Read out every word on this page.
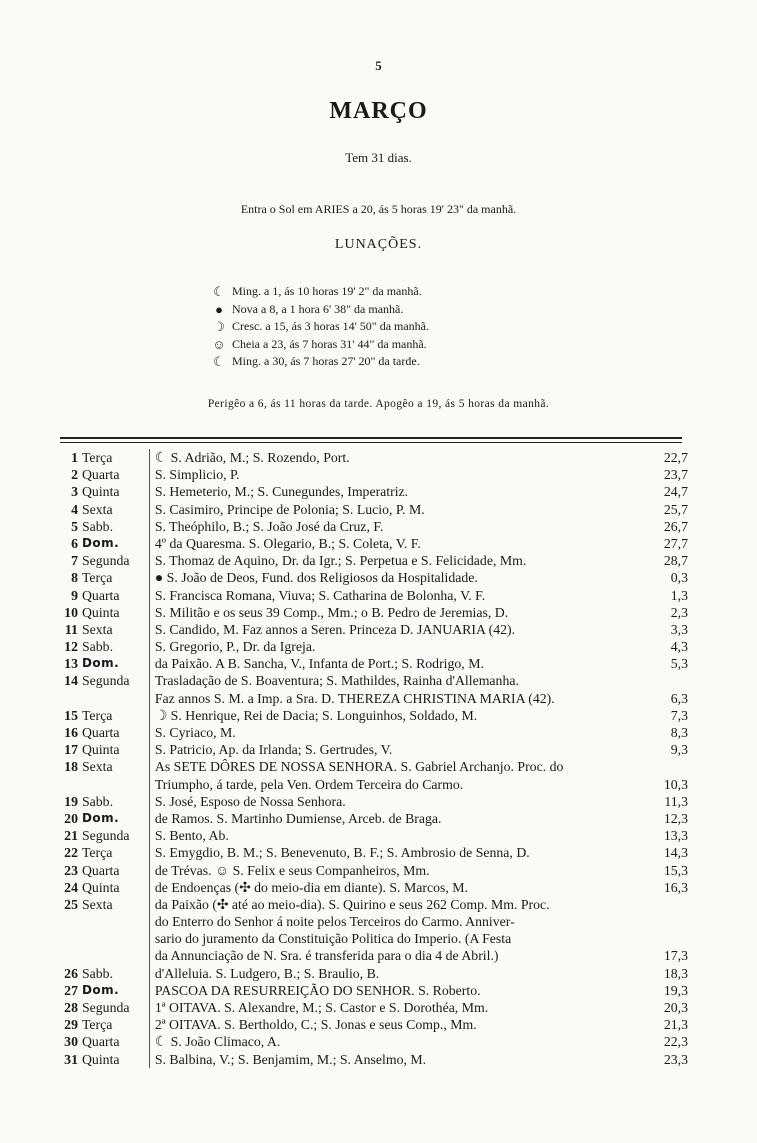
5
MARÇO
Tem 31 dias.
Entra o Sol em ARIES a 20, ás 5 horas 19' 23" da manhã.
LUNAÇÕES.
☾ Ming. a 1, ás 10 horas 19' 2" da manhã.
● Nova a 8, a 1 hora 6' 38" da manhã.
☽ Cresc. a 15, ás 3 horas 14' 50" da manhã.
☺ Cheia a 23, ás 7 horas 31' 44" da manhã.
☾ Ming. a 30, ás 7 horas 27' 20" da tarde.
Perigêo a 6, ás 11 horas da tarde. Apogêo a 19, ás 5 horas da manhã.
1 Terça	☾ S. Adrião, M.; S. Rozendo, Port.	22,7
2 Quarta	S. Simplicio, P.	23,7
3 Quinta	S. Hemeterio, M.; S. Cunegundes, Imperatriz.	24,7
4 Sexta	S. Casimiro, Principe de Polonia; S. Lucio, P. M.	25,7
5 Sabb.	S. Theóphilo, B.; S. João José da Cruz, F.	26,7
6 Dom.	4º da Quaresma. S. Olegario, B.; S. Coleta, V. F.	27,7
7 Segunda	S. Thomaz de Aquino, Dr. da Igr.; S. Perpetua e S. Felicidade, Mm.	28,7
8 Terça	● S. João de Deos, Fund. dos Religiosos da Hospitalidade.	0,3
9 Quarta	S. Francisca Romana, Viuva; S. Catharina de Bolonha, V. F.	1,3
10 Quinta	S. Militão e os seus 39 Comp., Mm.; o B. Pedro de Jeremias, D.	2,3
11 Sexta	S. Candido, M. Faz annos a Seren. Princeza D. JANUARIA (42).	3,3
12 Sabb.	S. Gregorio, P., Dr. da Igreja.	4,3
13 Dom.	da Paixão. A B. Sancha, V., Infanta de Port.; S. Rodrigo, M.	5,3
14 Segunda	Trasladação de S. Boaventura; S. Mathildes, Rainha d'Allemanha.
Faz annos S. M. a Imp. a Sra. D. THEREZA CHRISTINA MARIA (42).	6,3
15 Terça	☽ S. Henrique, Rei de Dacia; S. Longuinhos, Soldado, M.	7,3
16 Quarta	S. Cyriaco, M.	8,3
17 Quinta	S. Patricio, Ap. da Irlanda; S. Gertrudes, V.	9,3
18 Sexta	As SETE DÔRES DE NOSSA SENHORA. S. Gabriel Archanjo. Proc. do
Triumpho, á tarde, pela Ven. Ordem Terceira do Carmo.	10,3
19 Sabb.	S. José, Esposo de Nossa Senhora.	11,3
20 Dom.	de Ramos. S. Martinho Dumiense, Arceb. de Braga.	12,3
21 Segunda	S. Bento, Ab.	13,3
22 Terça	S. Emygdio, B. M.; S. Benevenuto, B. F.; S. Ambrosio de Senna, D.	14,3
23 Quarta	de Trévas. ☺ S. Felix e seus Companheiros, Mm.	15,3
24 Quinta	de Endoenças (✣ do meio-dia em diante). S. Marcos, M.	16,3
25 Sexta	da Paixão (✣ até ao meio-dia). S. Quirino e seus 262 Comp. Mm. Proc.
do Enterro do Senhor á noite pelos Terceiros do Carmo. Anniver-
sario do juramento da Constituição Politica do Imperio. (A Festa
da Annunciação de N. Sra. é transferida para o dia 4 de Abril.)	17,3
26 Sabb.	d'Alleluia. S. Ludgero, B.; S. Braulio, B.	18,3
27 Dom.	PASCOA DA RESURREIÇÃO DO SENHOR. S. Roberto.	19,3
28 Segunda	1ª OITAVA. S. Alexandre, M.; S. Castor e S. Dorothéa, Mm.	20,3
29 Terça	2ª OITAVA. S. Bertholdo, C.; S. Jonas e seus Comp., Mm.	21,3
30 Quarta	☾ S. João Climaco, A.	22,3
31 Quinta	S. Balbina, V.; S. Benjamim, M.; S. Anselmo, M.	23,3
